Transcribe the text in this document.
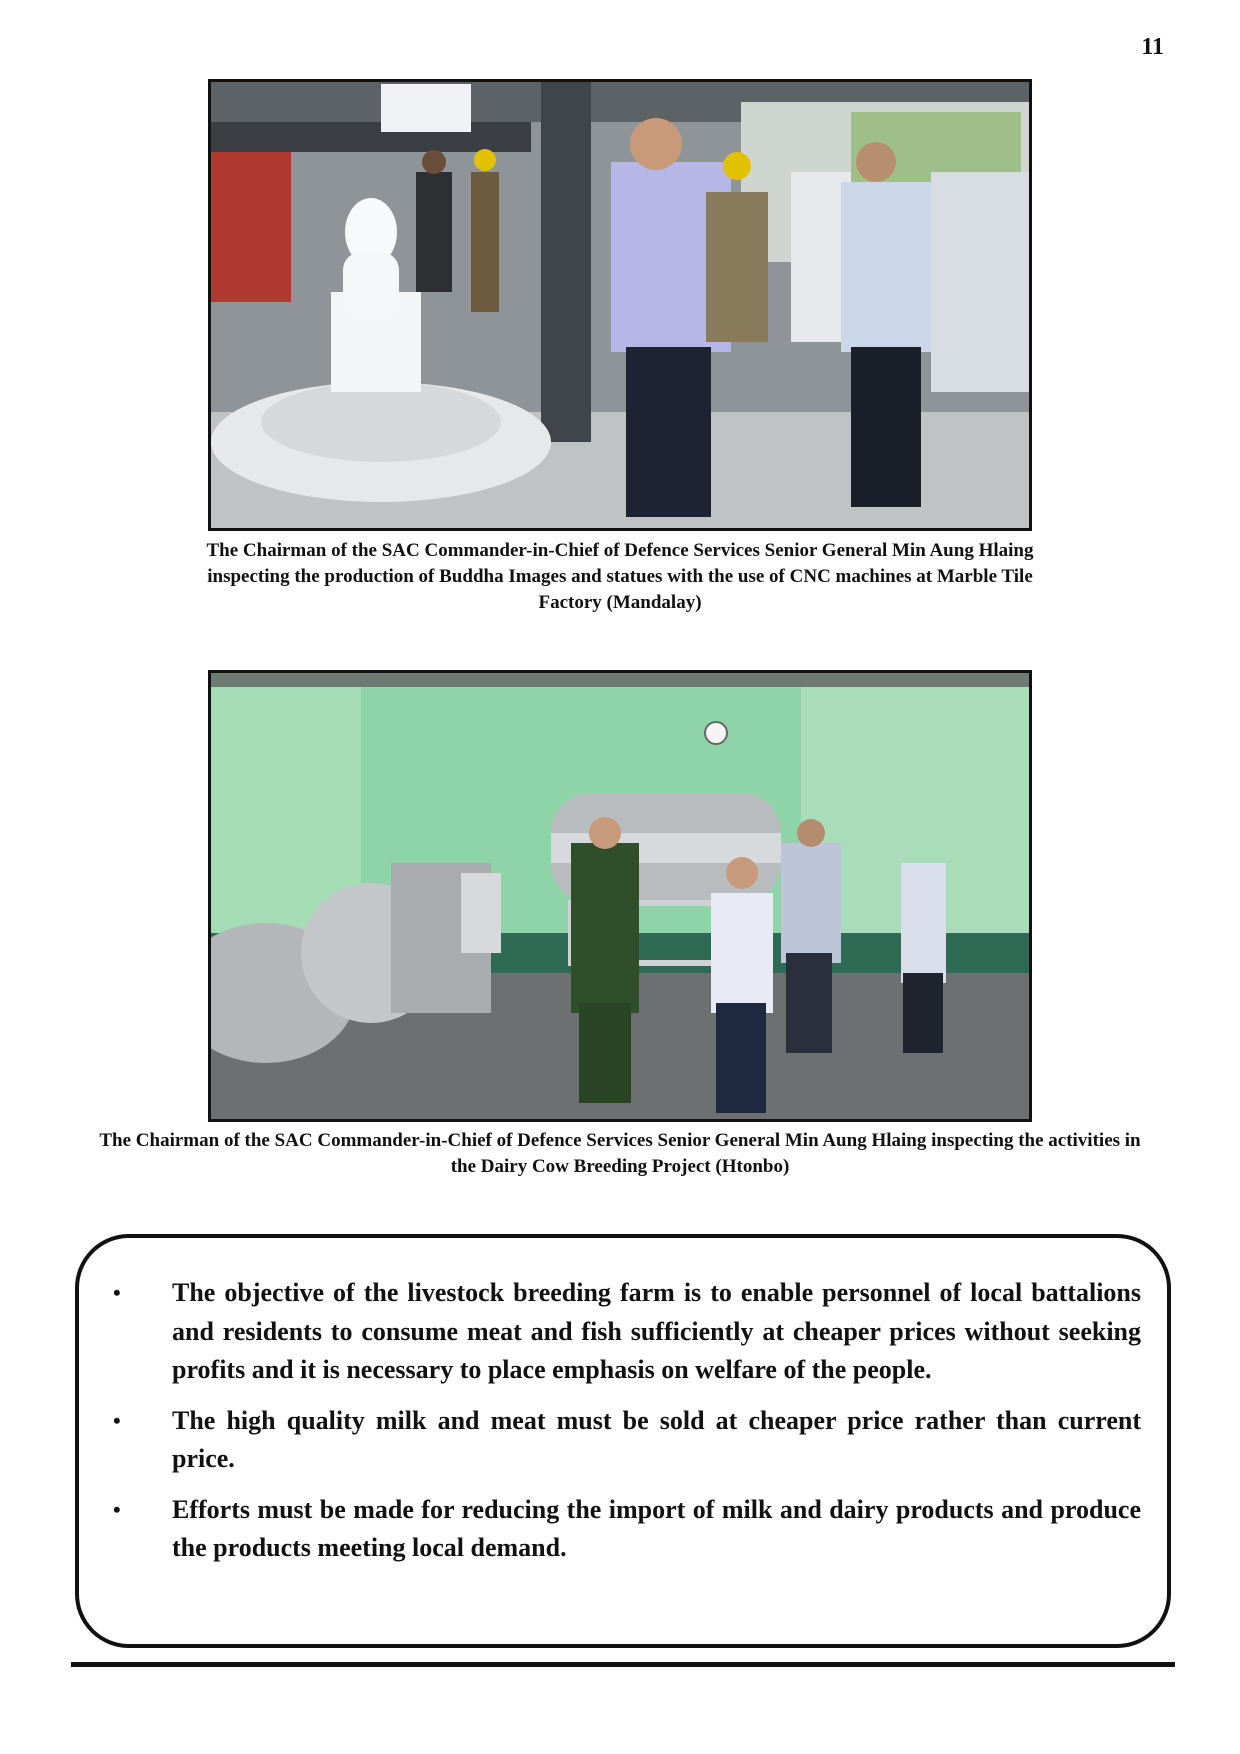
11
The Chairman of the SAC Commander-in-Chief of Defence Services Senior General Min Aung Hlaing inspecting the production of Buddha Images and statues with the use of CNC machines at Marble Tile Factory (Mandalay)
The Chairman of the SAC Commander-in-Chief of Defence Services Senior General Min Aung Hlaing inspecting the activities in the Dairy Cow Breeding Project (Htonbo)
• The objective of the livestock breeding farm is to enable personnel of local battalions and residents to consume meat and fish sufficiently at cheaper prices without seeking profits and it is necessary to place emphasis on welfare of the people.
• The high quality milk and meat must be sold at cheaper price rather than current price.
• Efforts must be made for reducing the import of milk and dairy products and produce the products meeting local demand.
